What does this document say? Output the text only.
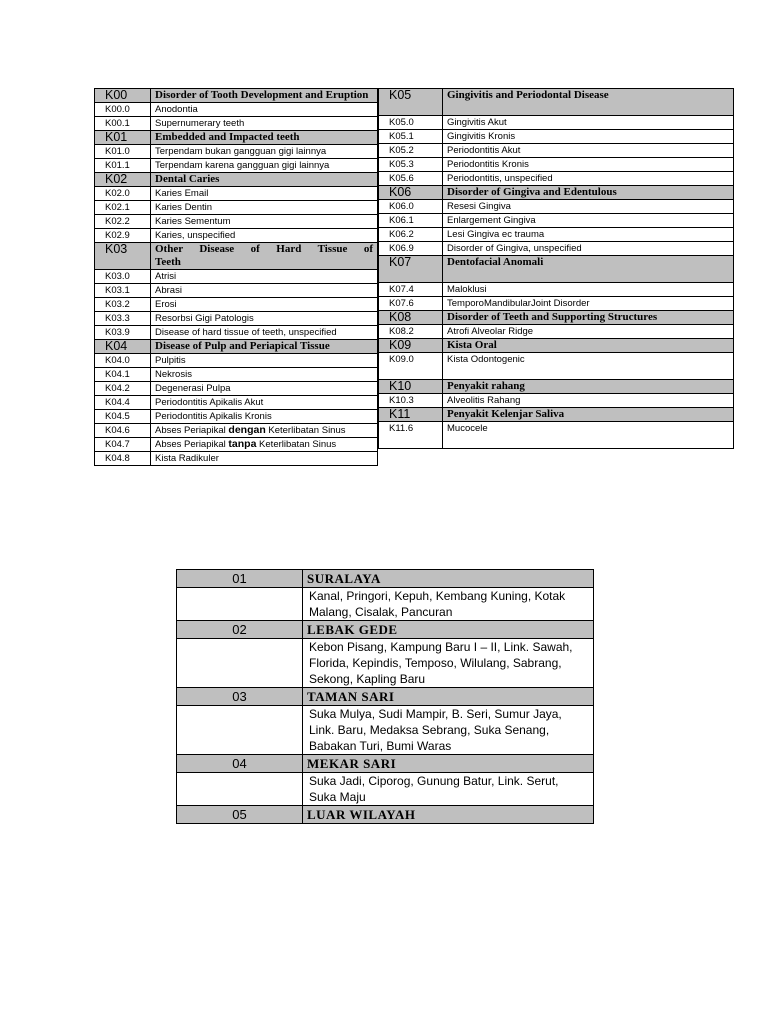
K00	Disorder of Tooth Development and Eruption
K00.0	Anodontia
K00.1	Supernumerary teeth
K01	Embedded and Impacted teeth
K01.0	Terpendam bukan gangguan gigi lainnya
K01.1	Terpendam karena gangguan gigi lainnya
K02	Dental Caries
K02.0	Karies Email
K02.1	Karies Dentin
K02.2	Karies Sementum
K02.9	Karies, unspecified
K03	Other Disease of Hard Tissue of
Teeth

K03.0	Atrisi
K03.1	Abrasi
K03.2	Erosi
K03.3	Resorbsi Gigi Patologis
K03.9	Disease of hard tissue of teeth, unspecified
K04	Disease of Pulp and Periapical Tissue
K04.0	Pulpitis
K04.1	Nekrosis
K04.2	Degenerasi Pulpa
K04.4	Periodontitis Apikalis Akut
K04.5	Periodontitis Apikalis Kronis
K04.6	Abses Periapikal dengan Keterlibatan Sinus
K04.7	Abses Periapikal tanpa Keterlibatan Sinus
K04.8	Kista Radikuler
K05	Gingivitis and Periodontal Disease
K05.0	Gingivitis Akut
K05.1	Gingivitis Kronis
K05.2	Periodontitis Akut
K05.3	Periodontitis Kronis
K05.6	Periodontitis, unspecified
K06	Disorder of Gingiva and Edentulous
K06.0	Resesi Gingiva
K06.1	Enlargement Gingiva
K06.2	Lesi Gingiva ec trauma
K06.9	Disorder of Gingiva, unspecified
K07	Dentofacial Anomali
K07.4	Maloklusi
K07.6	TemporoMandibularJoint Disorder
K08	Disorder of Teeth and Supporting Structures
K08.2	Atrofi Alveolar Ridge
K09	Kista Oral
K09.0	Kista Odontogenic
K10	Penyakit rahang
K10.3	Alveolitis Rahang
K11	Penyakit Kelenjar Saliva
K11.6	Mucocele
01	SURALAYA
	Kanal, Pringori, Kepuh, Kembang Kuning, Kotak Malang, Cisalak, Pancuran
02	LEBAK GEDE
	Kebon Pisang, Kampung Baru I – II, Link. Sawah, Florida, Kepindis, Temposo, Wilulang, Sabrang, Sekong, Kapling Baru
03	TAMAN SARI
	Suka Mulya, Sudi Mampir, B. Seri, Sumur Jaya, Link. Baru, Medaksa Sebrang, Suka Senang, Babakan Turi, Bumi Waras
04	MEKAR SARI
	Suka Jadi, Ciporog, Gunung Batur, Link. Serut, Suka Maju
05	LUAR WILAYAH
